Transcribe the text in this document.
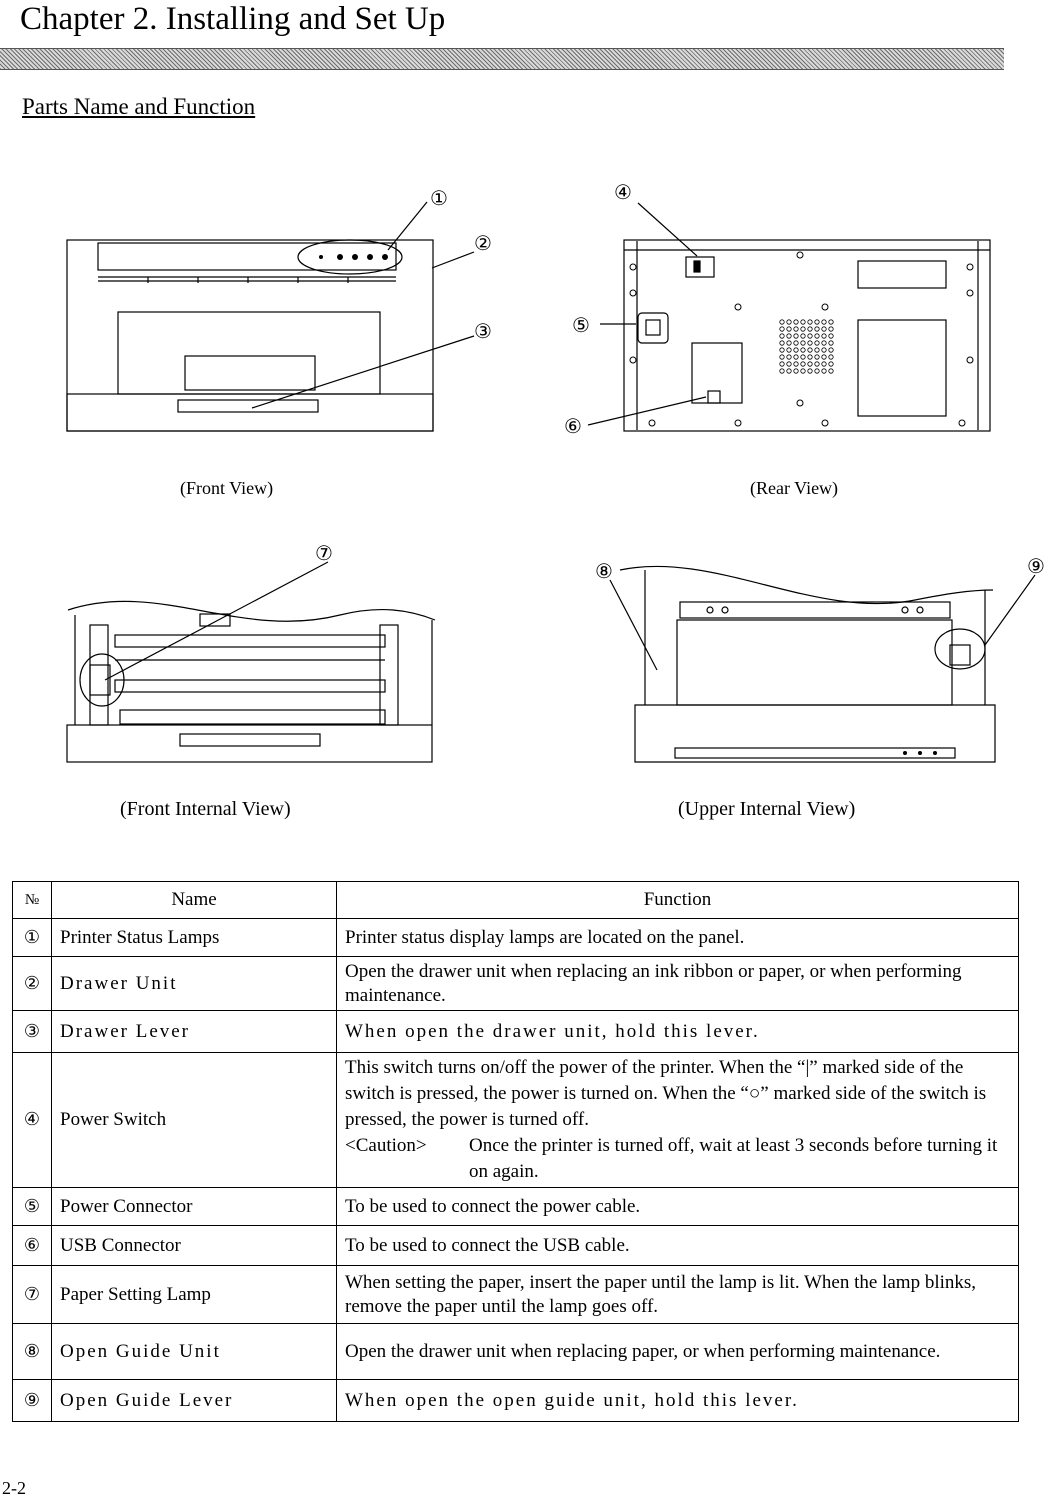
Chapter 2. Installing and Set Up
Parts Name and Function
①
②
③
④
⑤
⑥
(Front View)	(Rear View)
⑦
⑧	⑨
(Front Internal View)	(Upper Internal View)
№	Name	Function
①	Printer Status Lamps	Printer status display lamps are located on the panel.
②	Drawer Unit	Open the drawer unit when replacing an ink ribbon or paper, or when performing maintenance.
③	Drawer Lever	When open the drawer unit, hold this lever.
④	Power Switch	This switch turns on/off the power of the printer. When the “|” marked side of the switch is pressed, the power is turned on. When the “○” marked side of the switch is pressed, the power is turned off.
<Caution> Once the printer is turned off, wait at least 3 seconds before turning it on again.

⑤	Power Connector	To be used to connect the power cable.
⑥	USB Connector	To be used to connect the USB cable.
⑦	Paper Setting Lamp	When setting the paper, insert the paper until the lamp is lit. When the lamp blinks, remove the paper until the lamp goes off.
⑧	Open Guide Unit	Open the drawer unit when replacing paper, or when performing maintenance.
⑨	Open Guide Lever	When open the open guide unit, hold this lever.
2-2
